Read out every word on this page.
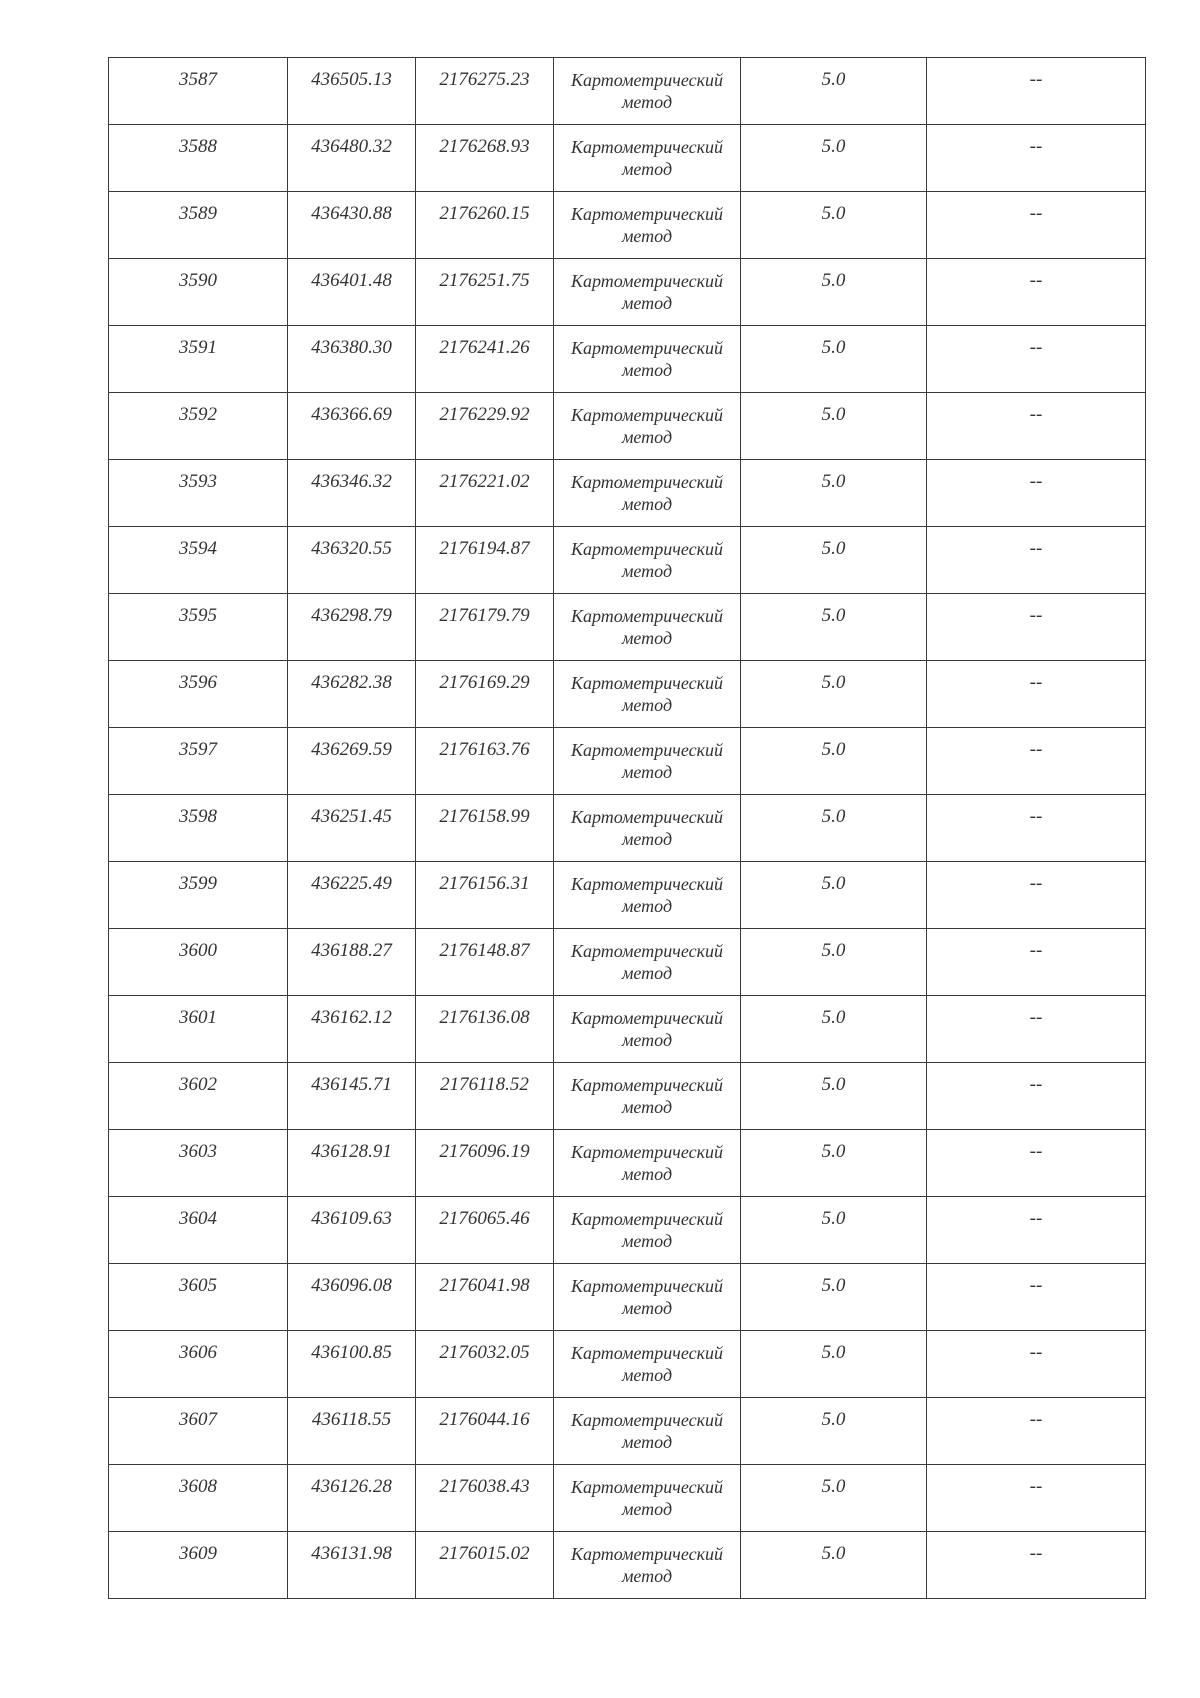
3587	436505.13	2176275.23	Картометрический метод	5.0	--
3588	436480.32	2176268.93	Картометрический метод	5.0	--
3589	436430.88	2176260.15	Картометрический метод	5.0	--
3590	436401.48	2176251.75	Картометрический метод	5.0	--
3591	436380.30	2176241.26	Картометрический метод	5.0	--
3592	436366.69	2176229.92	Картометрический метод	5.0	--
3593	436346.32	2176221.02	Картометрический метод	5.0	--
3594	436320.55	2176194.87	Картометрический метод	5.0	--
3595	436298.79	2176179.79	Картометрический метод	5.0	--
3596	436282.38	2176169.29	Картометрический метод	5.0	--
3597	436269.59	2176163.76	Картометрический метод	5.0	--
3598	436251.45	2176158.99	Картометрический метод	5.0	--
3599	436225.49	2176156.31	Картометрический метод	5.0	--
3600	436188.27	2176148.87	Картометрический метод	5.0	--
3601	436162.12	2176136.08	Картометрический метод	5.0	--
3602	436145.71	2176118.52	Картометрический метод	5.0	--
3603	436128.91	2176096.19	Картометрический метод	5.0	--
3604	436109.63	2176065.46	Картометрический метод	5.0	--
3605	436096.08	2176041.98	Картометрический метод	5.0	--
3606	436100.85	2176032.05	Картометрический метод	5.0	--
3607	436118.55	2176044.16	Картометрический метод	5.0	--
3608	436126.28	2176038.43	Картометрический метод	5.0	--
3609	436131.98	2176015.02	Картометрический метод	5.0	--
